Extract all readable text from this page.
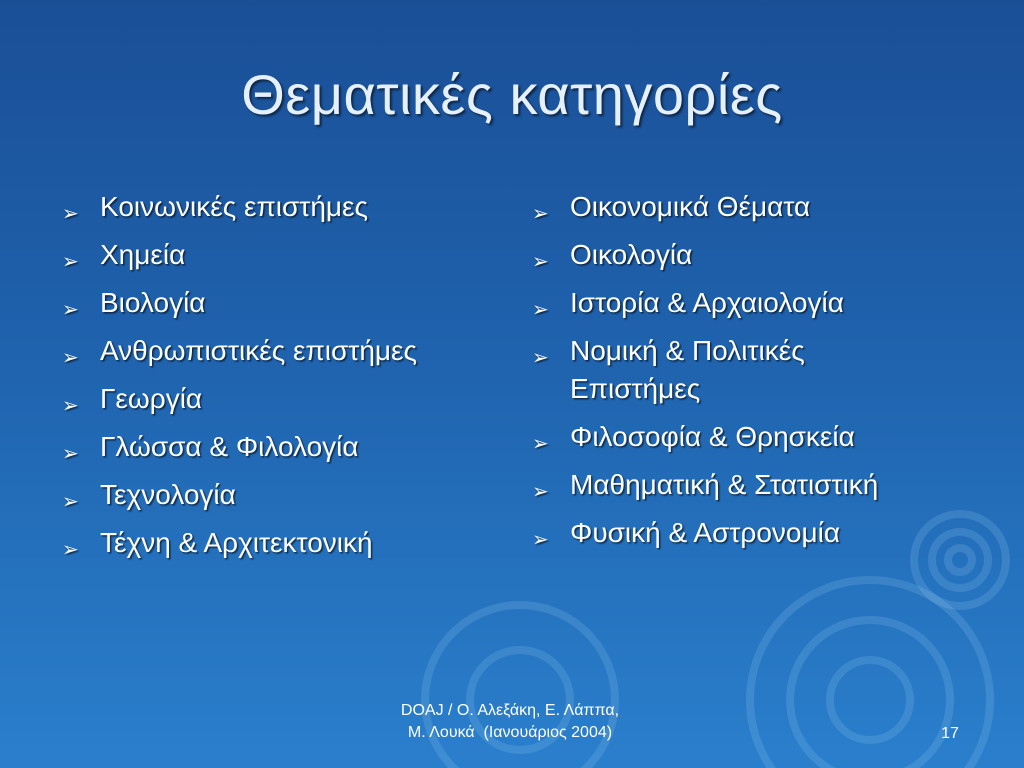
Θεματικές κατηγορίες
➢ Κοινωνικές επιστήμες
➢ Χημεία
➢ Βιολογία
➢ Ανθρωπιστικές επιστήμες
➢ Γεωργία
➢ Γλώσσα & Φιλολογία
➢ Τεχνολογία
➢ Τέχνη & Αρχιτεκτονική
➢ Οικονομικά Θέματα
➢ Οικολογία
➢ Ιστορία & Αρχαιολογία
➢ Νομική & Πολιτικές Επιστήμες
➢ Φιλοσοφία & Θρησκεία
➢ Μαθηματική & Στατιστική
➢ Φυσική & Αστρονομία
DOAJ / Ο. Αλεξάκη, Ε. Λάππα,
Μ. Λουκά  (Ιανουάριος 2004)	17
